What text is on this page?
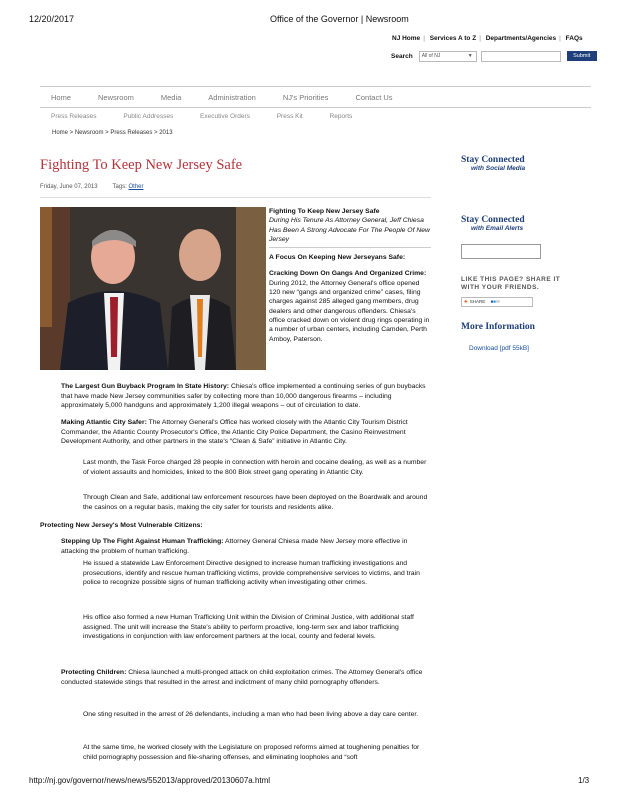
12/20/2017	Office of the Governor | Newsroom
NJ Home | Services A to Z | Departments/Agencies | FAQs
Search	All of NJ	▼	Submit
Home	Newsroom	Media	Administration	NJ's Priorities	Contact Us
Press Releases	Public Addresses	Executive Orders	Press Kit	Reports
Home > Newsroom > Press Releases > 2013
Fighting To Keep New Jersey Safe
Friday, June 07, 2013 Tags: Other
Fighting To Keep New Jersey Safe
During His Tenure As Attorney General, Jeff Chiesa Has Been A Strong Advocate For The People Of New Jersey
A Focus On Keeping New Jerseyans Safe:
Cracking Down On Gangs And Organized Crime: During 2012, the Attorney General's office opened 120 new “gangs and organized crime” cases, filing charges against 285 alleged gang members, drug dealers and other dangerous offenders. Chiesa's office cracked down on violent drug rings operating in a number of urban centers, including Camden, Perth Amboy, Paterson.
The Largest Gun Buyback Program In State History: Chiesa's office implemented a continuing series of gun buybacks that have made New Jersey communities safer by collecting more than 10,000 dangerous firearms – including approximately 5,000 handguns and approximately 1,200 illegal weapons – out of circulation to date.
Making Atlantic City Safer: The Attorney General's Office has worked closely with the Atlantic City Tourism District Commander, the Atlantic County Prosecutor's Office, the Atlantic City Police Department, the Casino Reinvestment Development Authority, and other partners in the state's “Clean & Safe” initiative in Atlantic City.
Last month, the Task Force charged 28 people in connection with heroin and cocaine dealing, as well as a number of violent assaults and homicides, linked to the 800 Blok street gang operating in Atlantic City.
Through Clean and Safe, additional law enforcement resources have been deployed on the Boardwalk and around the casinos on a regular basis, making the city safer for tourists and residents alike.
Protecting New Jersey's Most Vulnerable Citizens:
Stepping Up The Fight Against Human Trafficking: Attorney General Chiesa made New Jersey more effective in attacking the problem of human trafficking.
He issued a statewide Law Enforcement Directive designed to increase human trafficking investigations and prosecutions, identify and rescue human trafficking victims, provide comprehensive services to victims, and train police to recognize possible signs of human trafficking activity when investigating other crimes.
His office also formed a new Human Trafficking Unit within the Division of Criminal Justice, with additional staff assigned. The unit will increase the State's ability to perform proactive, long-term sex and labor trafficking investigations in conjunction with law enforcement partners at the local, county and federal levels.
Protecting Children: Chiesa launched a multi-pronged attack on child exploitation crimes. The Attorney General's office conducted statewide stings that resulted in the arrest and indictment of many child pornography offenders.
One sting resulted in the arrest of 26 defendants, including a man who had been living above a day care center.
At the same time, he worked closely with the Legislature on proposed reforms aimed at toughening penalties for child pornography possession and file-sharing offenses, and eliminating loopholes and “soft
Stay Connected
with Social Media
Stay Connected
with Email Alerts
LIKE THIS PAGE? SHARE IT
WITH YOUR FRIENDS.
✚ SHARE ■■✉
More Information
Download [pdf 55kB]
http://nj.gov/governor/news/news/552013/approved/20130607a.html	1/3
